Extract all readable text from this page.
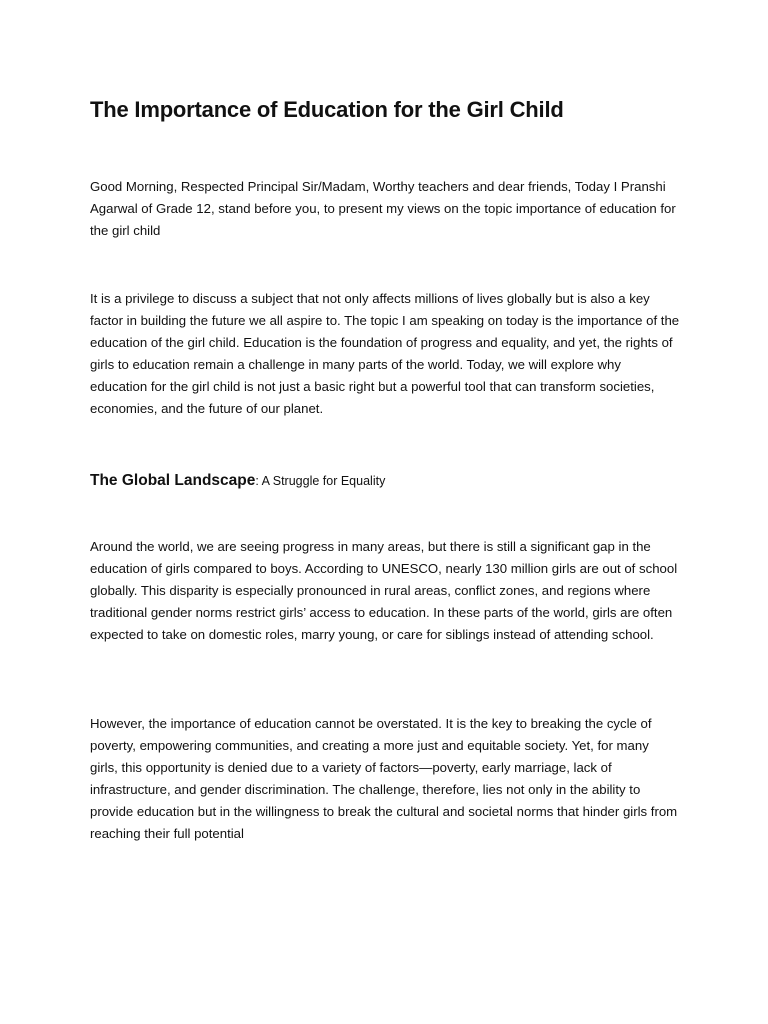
The Importance of Education for the Girl Child

Good Morning, Respected Principal Sir/Madam, Worthy teachers and dear friends, Today I Pranshi Agarwal of Grade 12, stand before you, to present my views on the topic importance of education for the girl child

It is a privilege to discuss a subject that not only affects millions of lives globally but is also a key factor in building the future we all aspire to. The topic I am speaking on today is the importance of the education of the girl child. Education is the foundation of progress and equality, and yet, the rights of girls to education remain a challenge in many parts of the world. Today, we will explore why education for the girl child is not just a basic right but a powerful tool that can transform societies, economies, and the future of our planet.

The Global Landscape: A Struggle for Equality

Around the world, we are seeing progress in many areas, but there is still a significant gap in the education of girls compared to boys. According to UNESCO, nearly 130 million girls are out of school globally. This disparity is especially pronounced in rural areas, conflict zones, and regions where traditional gender norms restrict girls’ access to education. In these parts of the world, girls are often expected to take on domestic roles, marry young, or care for siblings instead of attending school.

However, the importance of education cannot be overstated. It is the key to breaking the cycle of poverty, empowering communities, and creating a more just and equitable society. Yet, for many girls, this opportunity is denied due to a variety of factors—poverty, early marriage, lack of infrastructure, and gender discrimination. The challenge, therefore, lies not only in the ability to provide education but in the willingness to break the cultural and societal norms that hinder girls from reaching their full potential
